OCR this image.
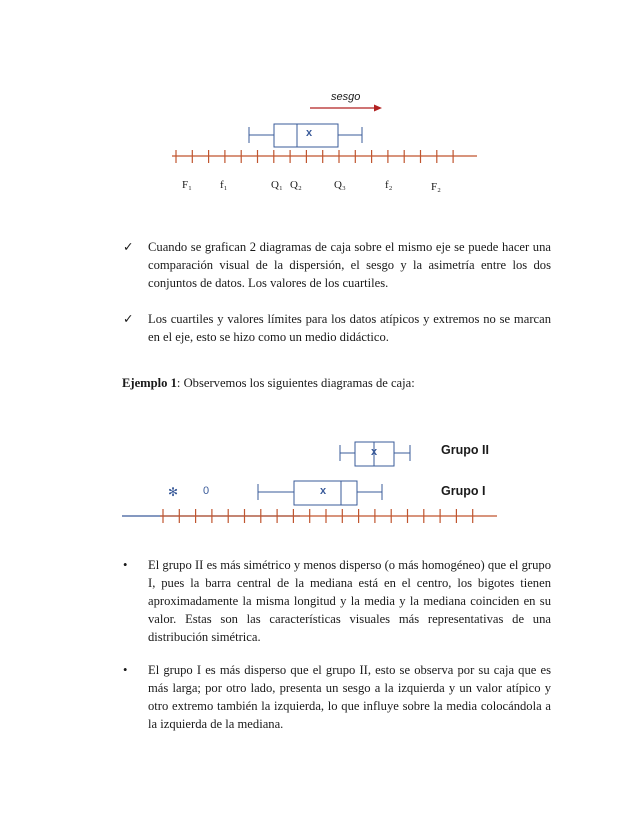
sesgo
x
F₁	f₁	Q₁ Q₂	Q₃	f₂	F₂
✓	Cuando se grafican 2 diagramas de caja sobre el mismo eje se puede hacer una comparación visual de la dispersión, el sesgo y la asimetría entre los dos conjuntos de datos. Los valores de los cuartiles.
✓	Los cuartiles y valores límites para los datos atípicos y extremos no se marcan en el eje, esto se hizo como un medio didáctico.
Ejemplo 1: Observemos los siguientes diagramas de caja:
x
x
✻ 0
Grupo II
Grupo I
•	El grupo II es más simétrico y menos disperso (o más homogéneo) que el grupo I, pues la barra central de la mediana está en el centro, los bigotes tienen aproximadamente la misma longitud y la media y la mediana coinciden en su valor. Estas son las características visuales más representativas de una distribución simétrica.
•	El grupo I es más disperso que el grupo II, esto se observa por su caja que es más larga; por otro lado, presenta un sesgo a la izquierda y un valor atípico y otro extremo también la izquierda, lo que influye sobre la media colocándola a la izquierda de la mediana.
